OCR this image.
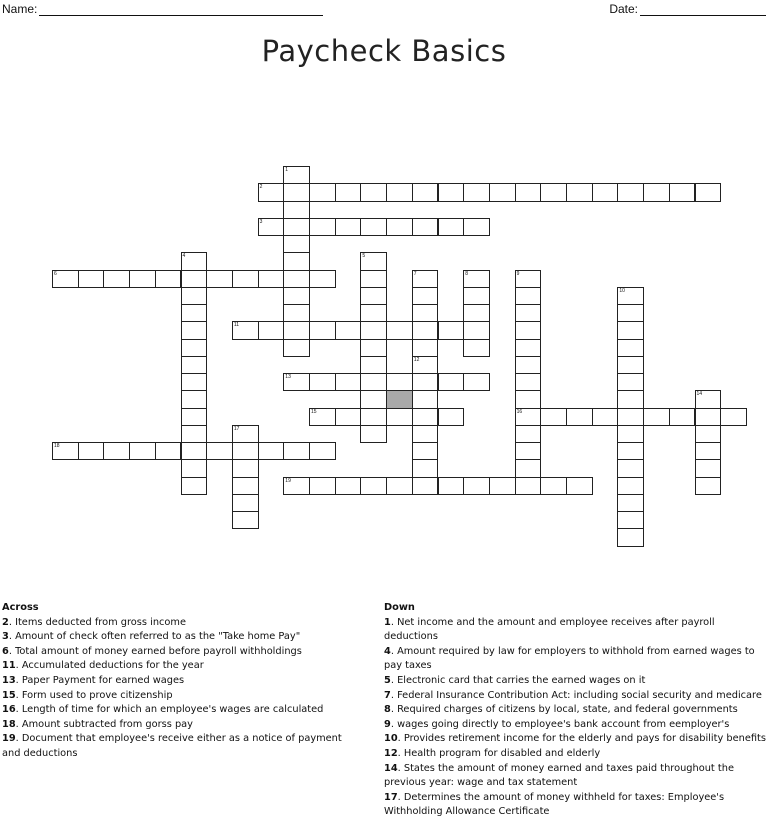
Name:	Date:
Paycheck Basics
1
2
3
4	5
6	7	8	9
16
10
11
12
13
14
15
17
18
19
Across
2. Items deducted from gross income
3. Amount of check often referred to as the "Take home Pay"
6. Total amount of money earned before payroll withholdings
11. Accumulated deductions for the year
13. Paper Payment for earned wages
15. Form used to prove citizenship
16. Length of time for which an employee's wages are calculated
18. Amount subtracted from gorss pay
19. Document that employee's receive either as a notice of payment and deductions
Down
1. Net income and the amount and employee receives after payroll deductions
4. Amount required by law for employers to withhold from earned wages to pay taxes
5. Electronic card that carries the earned wages on it
7. Federal Insurance Contribution Act: including social security and medicare
8. Required charges of citizens by local, state, and federal governments
9. wages going directly to employee's bank account from eemployer's
10. Provides retirement income for the elderly and pays for disability benefits
12. Health program for disabled and elderly
14. States the amount of money earned and taxes paid throughout the previous year: wage and tax statement
17. Determines the amount of money withheld for taxes: Employee's Withholding Allowance Certificate
